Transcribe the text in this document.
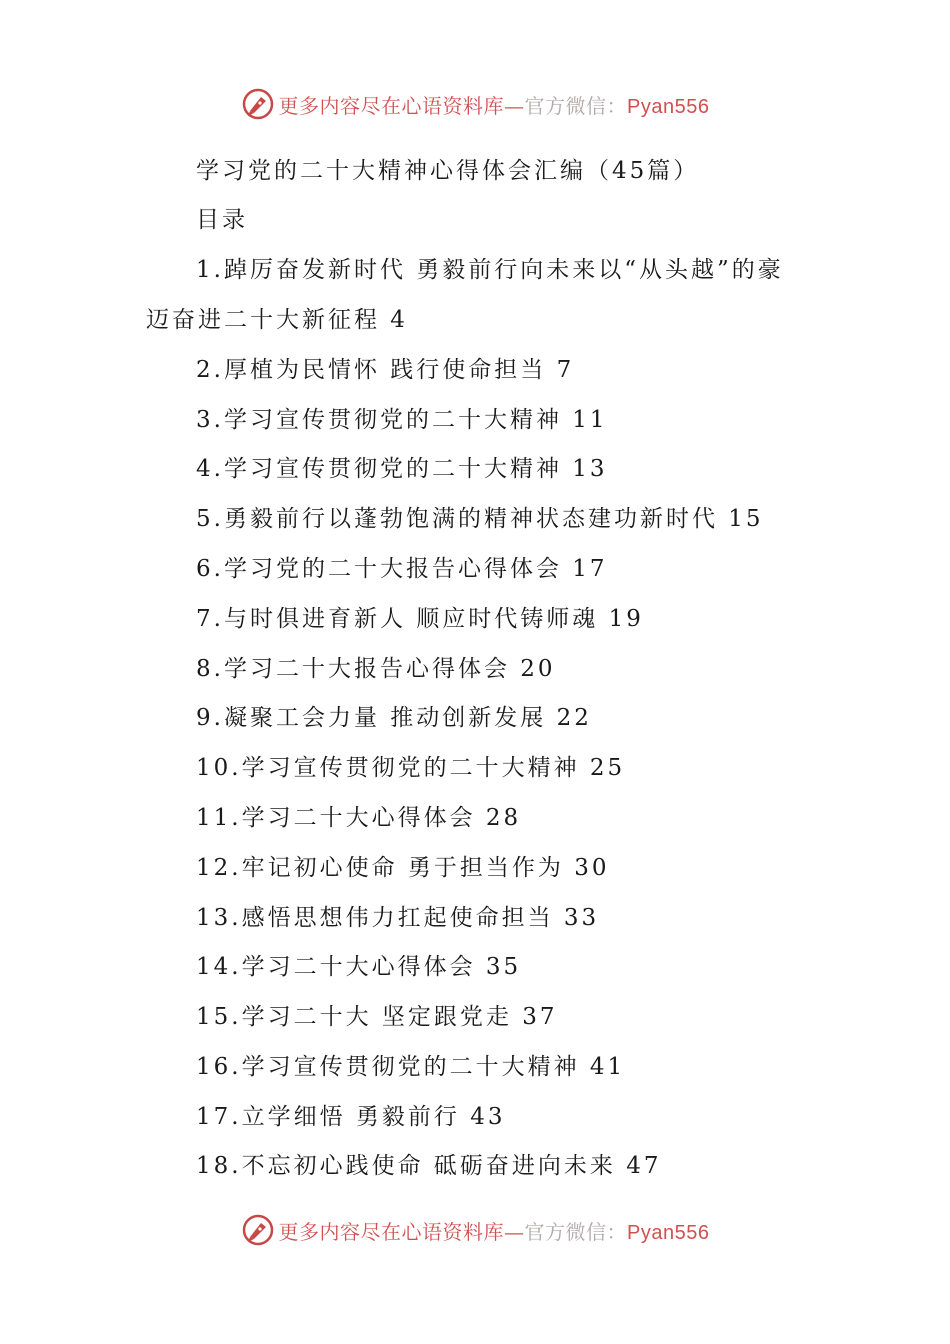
更多内容尽在心语资料库—官方微信：Pyan556
学习党的二十大精神心得体会汇编（45篇）
目录
1.踔厉奋发新时代 勇毅前行向未来以“从头越”的豪
迈奋进二十大新征程 4
2.厚植为民情怀 践行使命担当 7
3.学习宣传贯彻党的二十大精神 11
4.学习宣传贯彻党的二十大精神 13
5.勇毅前行以蓬勃饱满的精神状态建功新时代 15
6.学习党的二十大报告心得体会 17
7.与时俱进育新人 顺应时代铸师魂 19
8.学习二十大报告心得体会 20
9.凝聚工会力量 推动创新发展 22
10.学习宣传贯彻党的二十大精神 25
11.学习二十大心得体会 28
12.牢记初心使命 勇于担当作为 30
13.感悟思想伟力扛起使命担当 33
14.学习二十大心得体会 35
15.学习二十大 坚定跟党走 37
16.学习宣传贯彻党的二十大精神 41
17.立学细悟 勇毅前行 43
18.不忘初心践使命 砥砺奋进向未来 47
更多内容尽在心语资料库—官方微信：Pyan556
